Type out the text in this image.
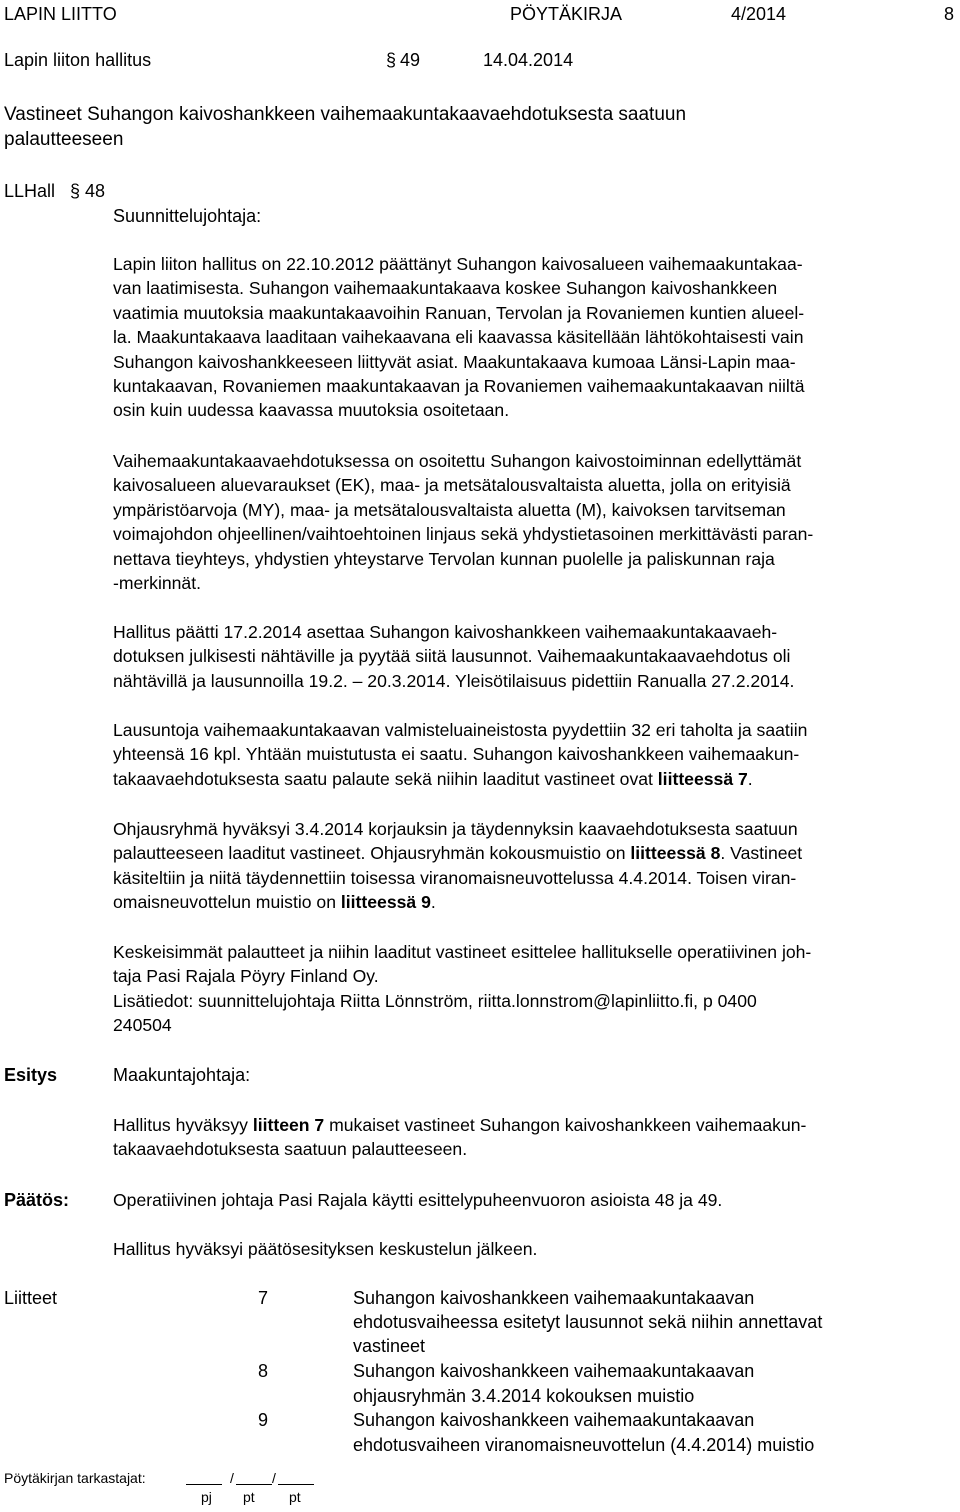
LAPIN LIITTO	PÖYTÄKIRJA	4/2014	8
Lapin liiton hallitus	§ 49	14.04.2014
Vastineet Suhangon kaivoshankkeen vaihemaakuntakaavaehdotuksesta saatuun
palautteeseen
LLHall § 48
Suunnittelujohtaja:
Lapin liiton hallitus on 22.10.2012 päättänyt Suhangon kaivosalueen vaihemaakuntakaa-
van laatimisesta. Suhangon vaihemaakuntakaava koskee Suhangon kaivoshankkeen
vaatimia muutoksia maakuntakaavoihin Ranuan, Tervolan ja Rovaniemen kuntien alueel-
la. Maakuntakaava laaditaan vaihekaavana eli kaavassa käsitellään lähtökohtaisesti vain
Suhangon kaivoshankkeeseen liittyvät asiat. Maakuntakaava kumoaa Länsi-Lapin maa-
kuntakaavan, Rovaniemen maakuntakaavan ja Rovaniemen vaihemaakuntakaavan niiltä
osin kuin uudessa kaavassa muutoksia osoitetaan.
Vaihemaakuntakaavaehdotuksessa on osoitettu Suhangon kaivostoiminnan edellyttämät
kaivosalueen aluevaraukset (EK), maa- ja metsätalousvaltaista aluetta, jolla on erityisiä
ympäristöarvoja (MY), maa- ja metsätalousvaltaista aluetta (M), kaivoksen tarvitseman
voimajohdon ohjeellinen/vaihtoehtoinen linjaus sekä yhdystietasoinen merkittävästi paran-
nettava tieyhteys, yhdystien yhteystarve Tervolan kunnan puolelle ja paliskunnan raja
-merkinnät.
Hallitus päätti 17.2.2014 asettaa Suhangon kaivoshankkeen vaihemaakuntakaavaeh-
dotuksen julkisesti nähtäville ja pyytää siitä lausunnot. Vaihemaakuntakaavaehdotus oli
nähtävillä ja lausunnoilla 19.2. – 20.3.2014. Yleisötilaisuus pidettiin Ranualla 27.2.2014.
Lausuntoja vaihemaakuntakaavan valmisteluaineistosta pyydettiin 32 eri taholta ja saatiin
yhteensä 16 kpl. Yhtään muistutusta ei saatu. Suhangon kaivoshankkeen vaihemaakun-
takaavaehdotuksesta saatu palaute sekä niihin laaditut vastineet ovat liitteessä 7.
Ohjausryhmä hyväksyi 3.4.2014 korjauksin ja täydennyksin kaavaehdotuksesta saatuun
palautteeseen laaditut vastineet. Ohjausryhmän kokousmuistio on liitteessä 8. Vastineet
käsiteltiin ja niitä täydennettiin toisessa viranomaisneuvottelussa 4.4.2014. Toisen viran-
omaisneuvottelun muistio on liitteessä 9.
Keskeisimmät palautteet ja niihin laaditut vastineet esittelee hallitukselle operatiivinen joh-
taja Pasi Rajala Pöyry Finland Oy.
Lisätiedot: suunnittelujohtaja Riitta Lönnström, riitta.lonnstrom@lapinliitto.fi, p 0400
240504
Esitys	Maakuntajohtaja:
Hallitus hyväksyy liitteen 7 mukaiset vastineet Suhangon kaivoshankkeen vaihemaakun-
takaavaehdotuksesta saatuun palautteeseen.
Päätös: Operatiivinen johtaja Pasi Rajala käytti esittelypuheenvuoron asioista 48 ja 49.
Hallitus hyväksyi päätösesityksen keskustelun jälkeen.
Liitteet	7	Suhangon kaivoshankkeen vaihemaakuntakaavan
ehdotusvaiheessa esitetyt lausunnot sekä niihin annettavat
vastineet
8	Suhangon kaivoshankkeen vaihemaakuntakaavan
ohjausryhmän 3.4.2014 kokouksen muistio
9	Suhangon kaivoshankkeen vaihemaakuntakaavan
ehdotusvaiheen viranomaisneuvottelun (4.4.2014) muistio
Pöytäkirjan tarkastajat:	/	/
pj pt pt
